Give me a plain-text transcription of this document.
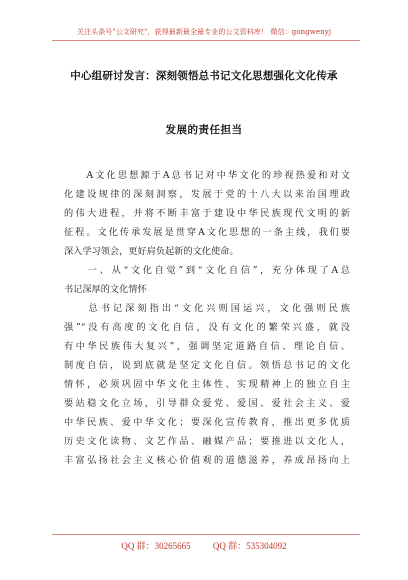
关注头条号"公文研究"，获得最新最全最专业的公文资料库！ 微信：gongwenyj
中心组研讨发言：深刻领悟总书记文化思想强化文化传承
发展的责任担当
　　A文化思想源于A总书记对中华文化的珍视热爱和对文
化建设规律的深刻洞察，发展于党的十八大以来治国理政
的伟大进程，并将不断丰富于建设中华民族现代文明的新
征程。文化传承发展是贯穿A文化思想的一条主线，我们要
深入学习领会，更好肩负起新的文化使命。
　　一、从“文化自觉”到“文化自信”，充分体现了A总
书记深厚的文化情怀
　　总书记深刻指出“文化兴则国运兴，文化强则民族
强”“没有高度的文化自信，没有文化的繁荣兴盛，就没
有中华民族伟大复兴”，强调坚定道路自信、理论自信、
制度自信，说到底就是坚定文化自信。领悟总书记的文化
情怀，必须巩固中华文化主体性、实现精神上的独立自主
要站稳文化立场，引导群众爱党、爱国、爱社会主义、爱
中华民族、爱中华文化；要深化宣传教育，推出更多优质
历史文化读物、文艺作品、融媒产品；要推进以文化人，
丰富弘扬社会主义核心价值观的道德滋养，养成昂扬向上
QQ 群：30265665 QQ 群：535304092
